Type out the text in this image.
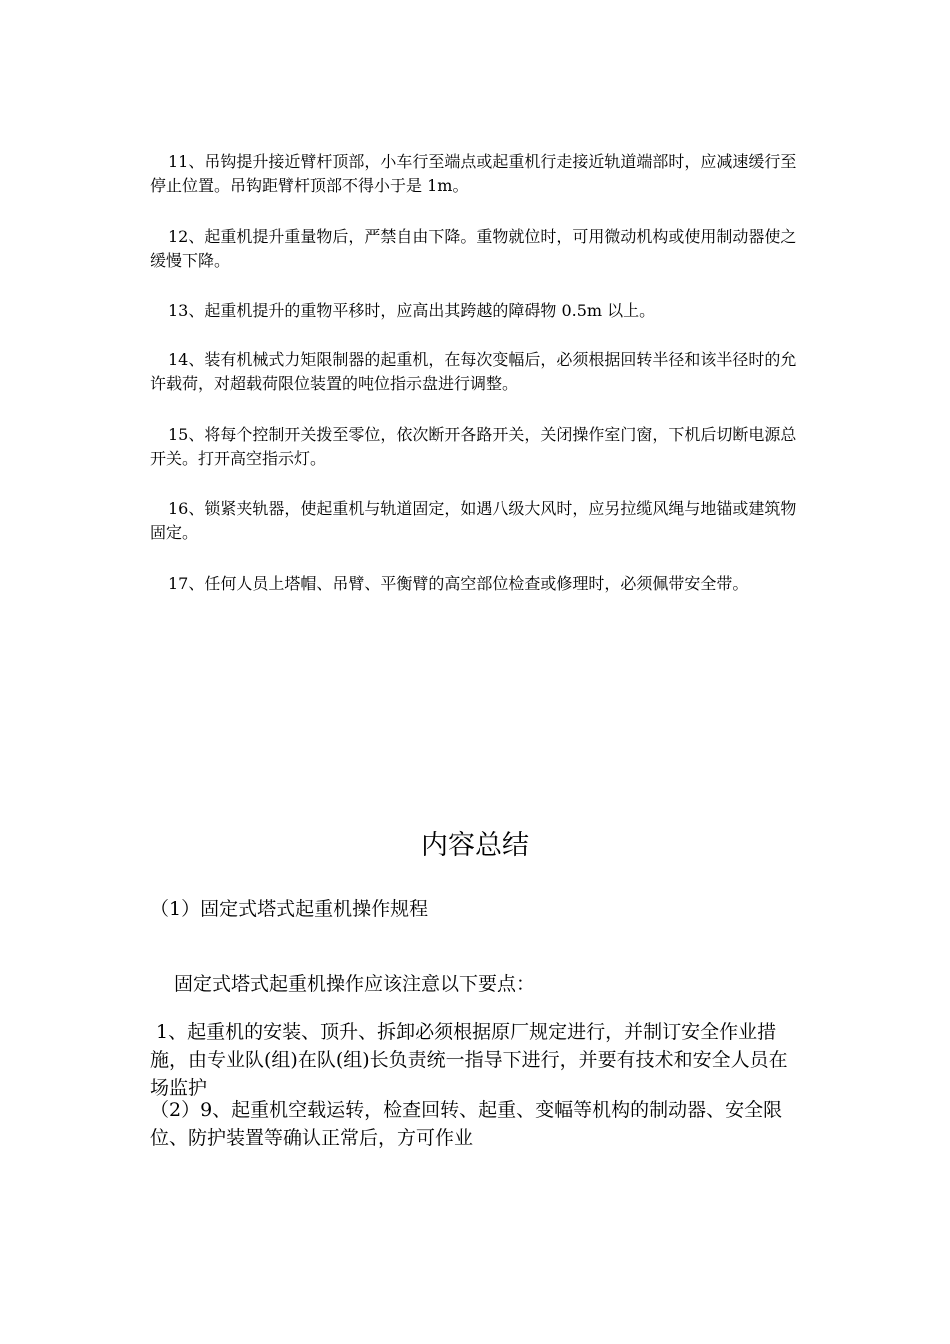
11、吊钩提升接近臂杆顶部，小车行至端点或起重机行走接近轨道端部时，应减速缓行至停止位置。吊钩距臂杆顶部不得小于是 1m。

12、起重机提升重量物后，严禁自由下降。重物就位时，可用微动机构或使用制动器使之缓慢下降。

13、起重机提升的重物平移时，应高出其跨越的障碍物 0.5m 以上。

14、装有机械式力矩限制器的起重机，在每次变幅后，必须根据回转半径和该半径时的允许载荷，对超载荷限位装置的吨位指示盘进行调整。

15、将每个控制开关拨至零位，依次断开各路开关，关闭操作室门窗，下机后切断电源总开关。打开高空指示灯。

16、锁紧夹轨器，使起重机与轨道固定，如遇八级大风时，应另拉缆风绳与地锚或建筑物固定。

17、任何人员上塔帽、吊臂、平衡臂的高空部位检查或修理时，必须佩带安全带。

内容总结

（1）固定式塔式起重机操作规程

固定式塔式起重机操作应该注意以下要点：

1、起重机的安装、顶升、拆卸必须根据原厂规定进行，并制订安全作业措施，由专业队(组)在队(组)长负责统一指导下进行，并要有技术和安全人员在场监护

（2）9、起重机空载运转，检查回转、起重、变幅等机构的制动器、安全限位、防护装置等确认正常后，方可作业
